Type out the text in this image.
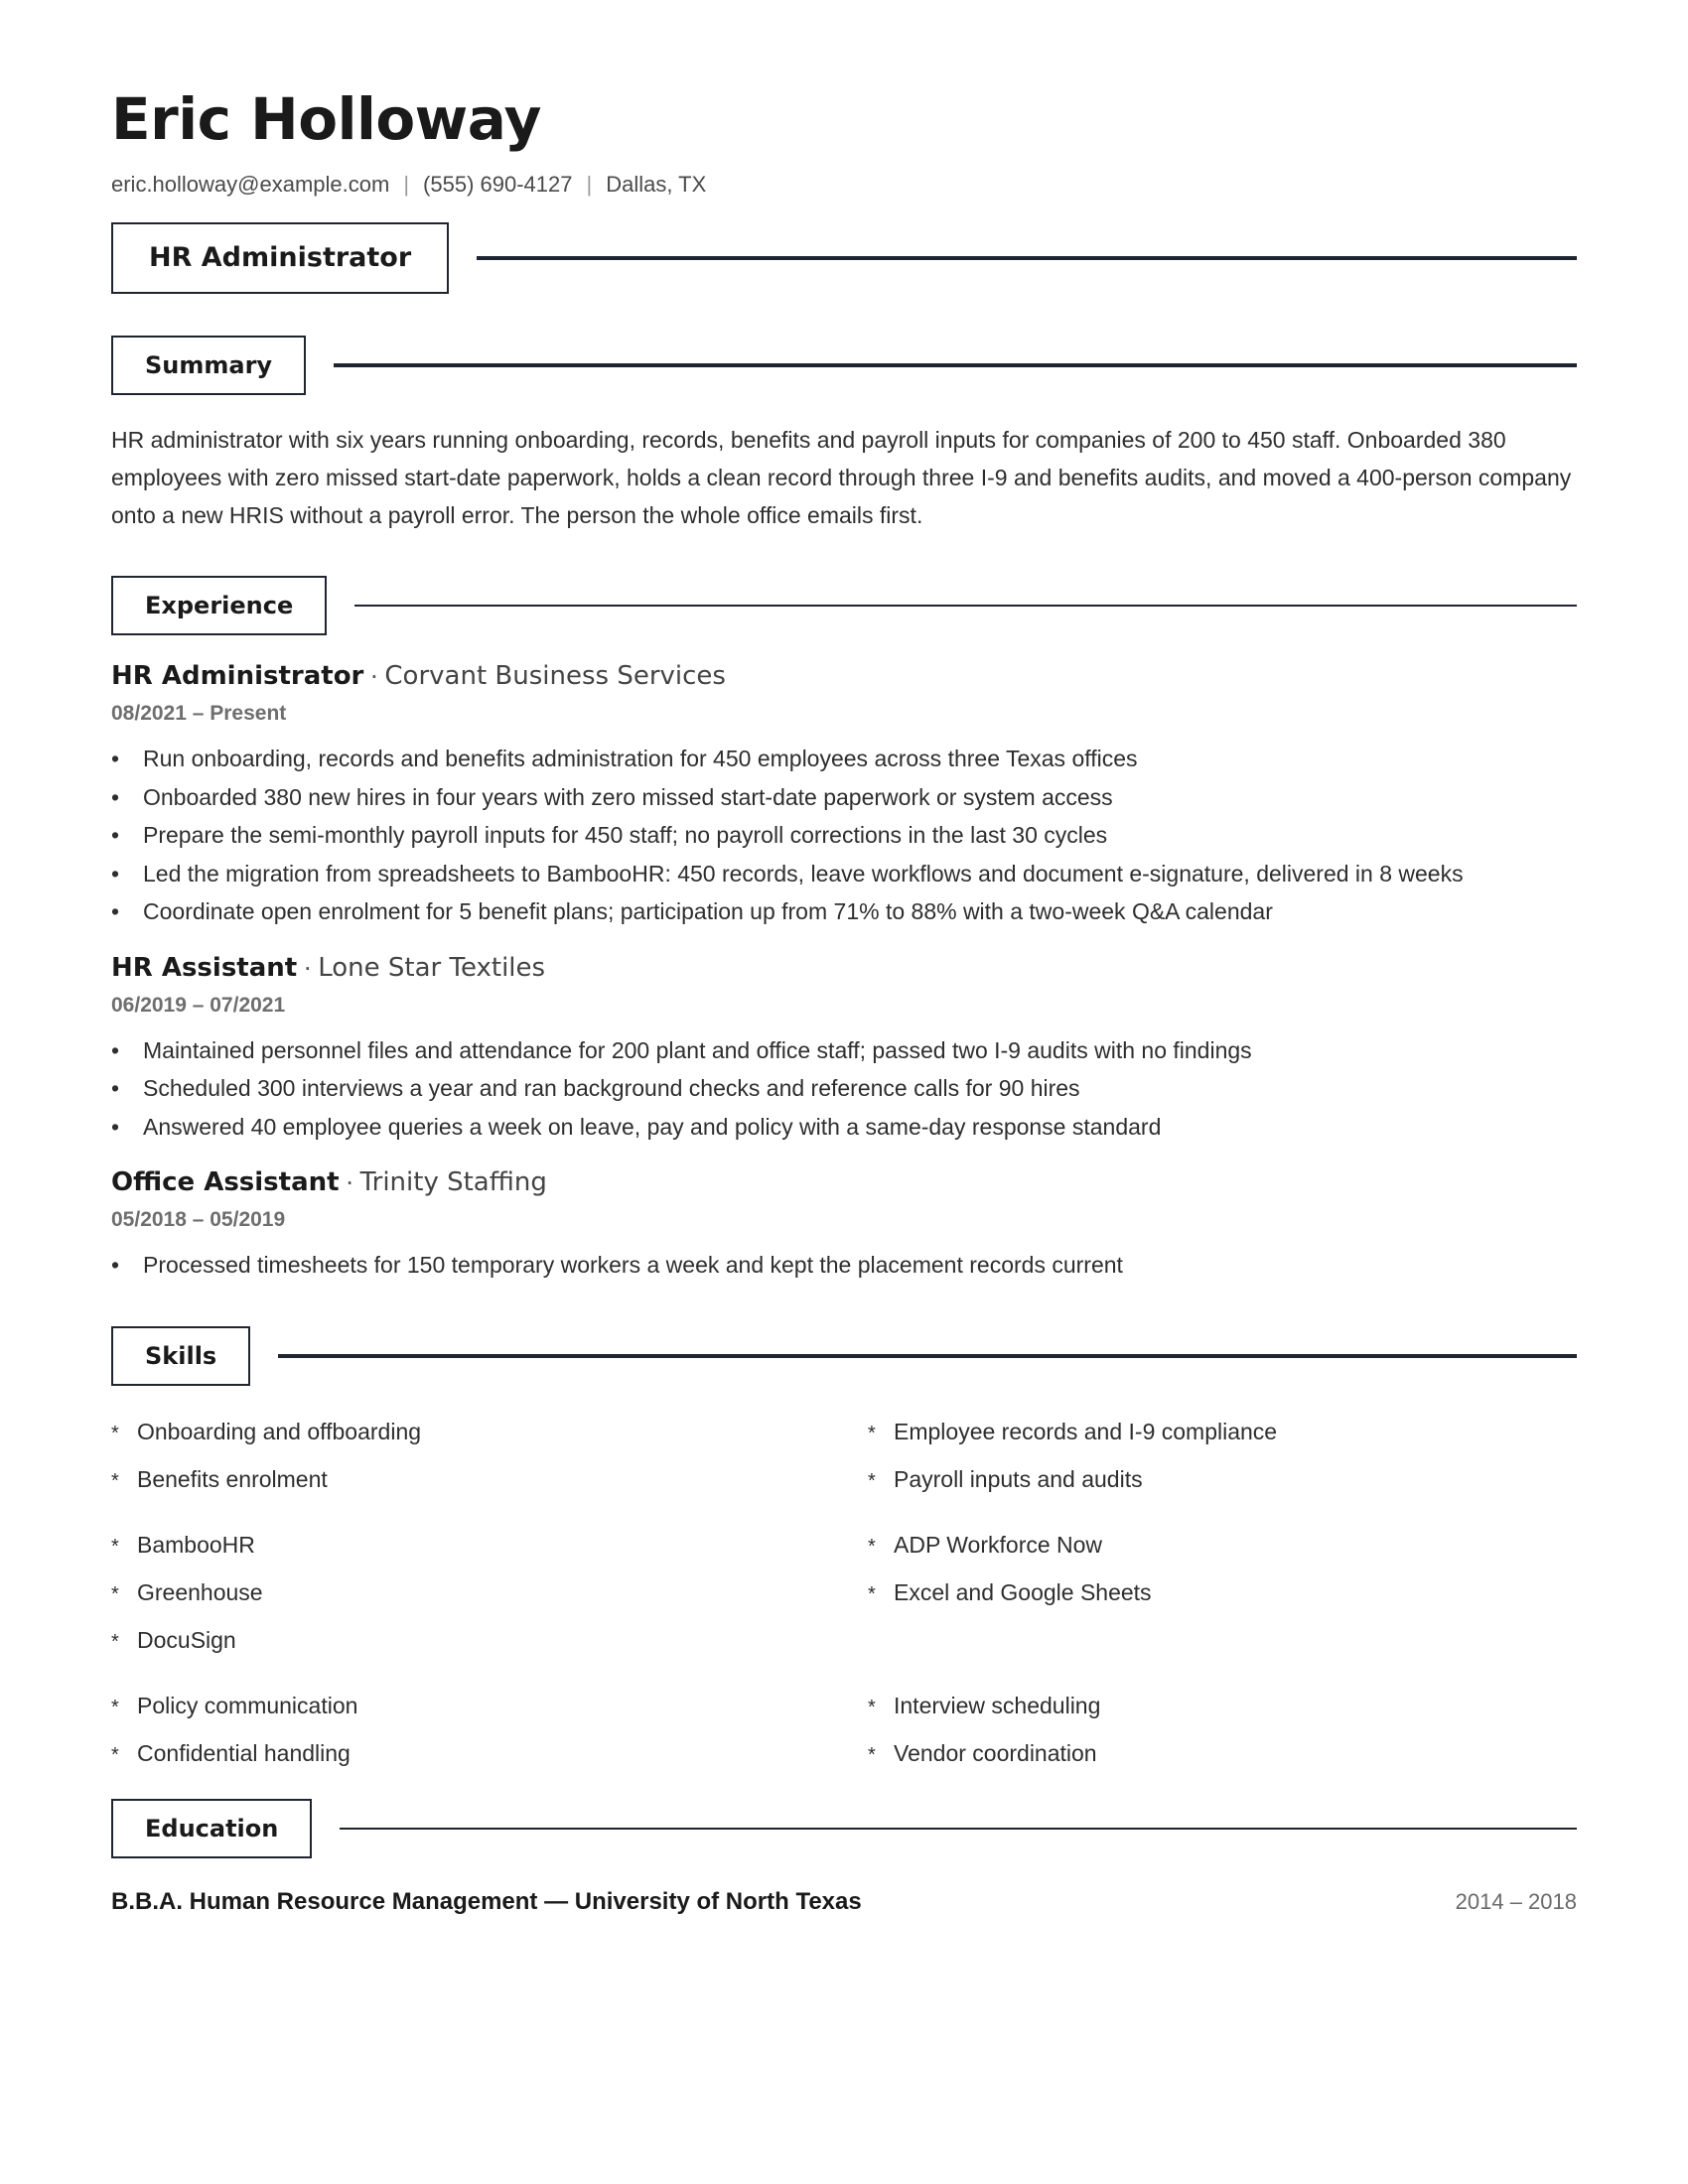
Eric Holloway
eric.holloway@example.com | (555) 690-4127 | Dallas, TX
HR Administrator
Summary

HR administrator with six years running onboarding, records, benefits and payroll inputs for companies of 200 to 450 staff. Onboarded 380 employees with zero missed start-date paperwork, holds a clean record through three I-9 and benefits audits, and moved a 400-person company onto a new HRIS without a payroll error. The person the whole office emails first.

Experience
HR Administrator · Corvant Business Services
08/2021 – Present
• Run onboarding, records and benefits administration for 450 employees across three Texas offices
• Onboarded 380 new hires in four years with zero missed start-date paperwork or system access
• Prepare the semi-monthly payroll inputs for 450 staff; no payroll corrections in the last 30 cycles
• Led the migration from spreadsheets to BambooHR: 450 records, leave workflows and document e-signature, delivered in 8 weeks
• Coordinate open enrolment for 5 benefit plans; participation up from 71% to 88% with a two-week Q&A calendar
HR Assistant · Lone Star Textiles
06/2019 – 07/2021
• Maintained personnel files and attendance for 200 plant and office staff; passed two I-9 audits with no findings
• Scheduled 300 interviews a year and ran background checks and reference calls for 90 hires
• Answered 40 employee queries a week on leave, pay and policy with a same-day response standard
Office Assistant · Trinity Staffing
05/2018 – 05/2019
• Processed timesheets for 150 temporary workers a week and kept the placement records current
Skills
* Onboarding and offboarding	* Employee records and I-9 compliance
* Benefits enrolment	* Payroll inputs and audits
* BambooHR	* ADP Workforce Now
* Greenhouse	* Excel and Google Sheets
* DocuSign
* Policy communication	* Interview scheduling
* Confidential handling	* Vendor coordination
Education
B.B.A. Human Resource Management — University of North Texas	2014 – 2018
